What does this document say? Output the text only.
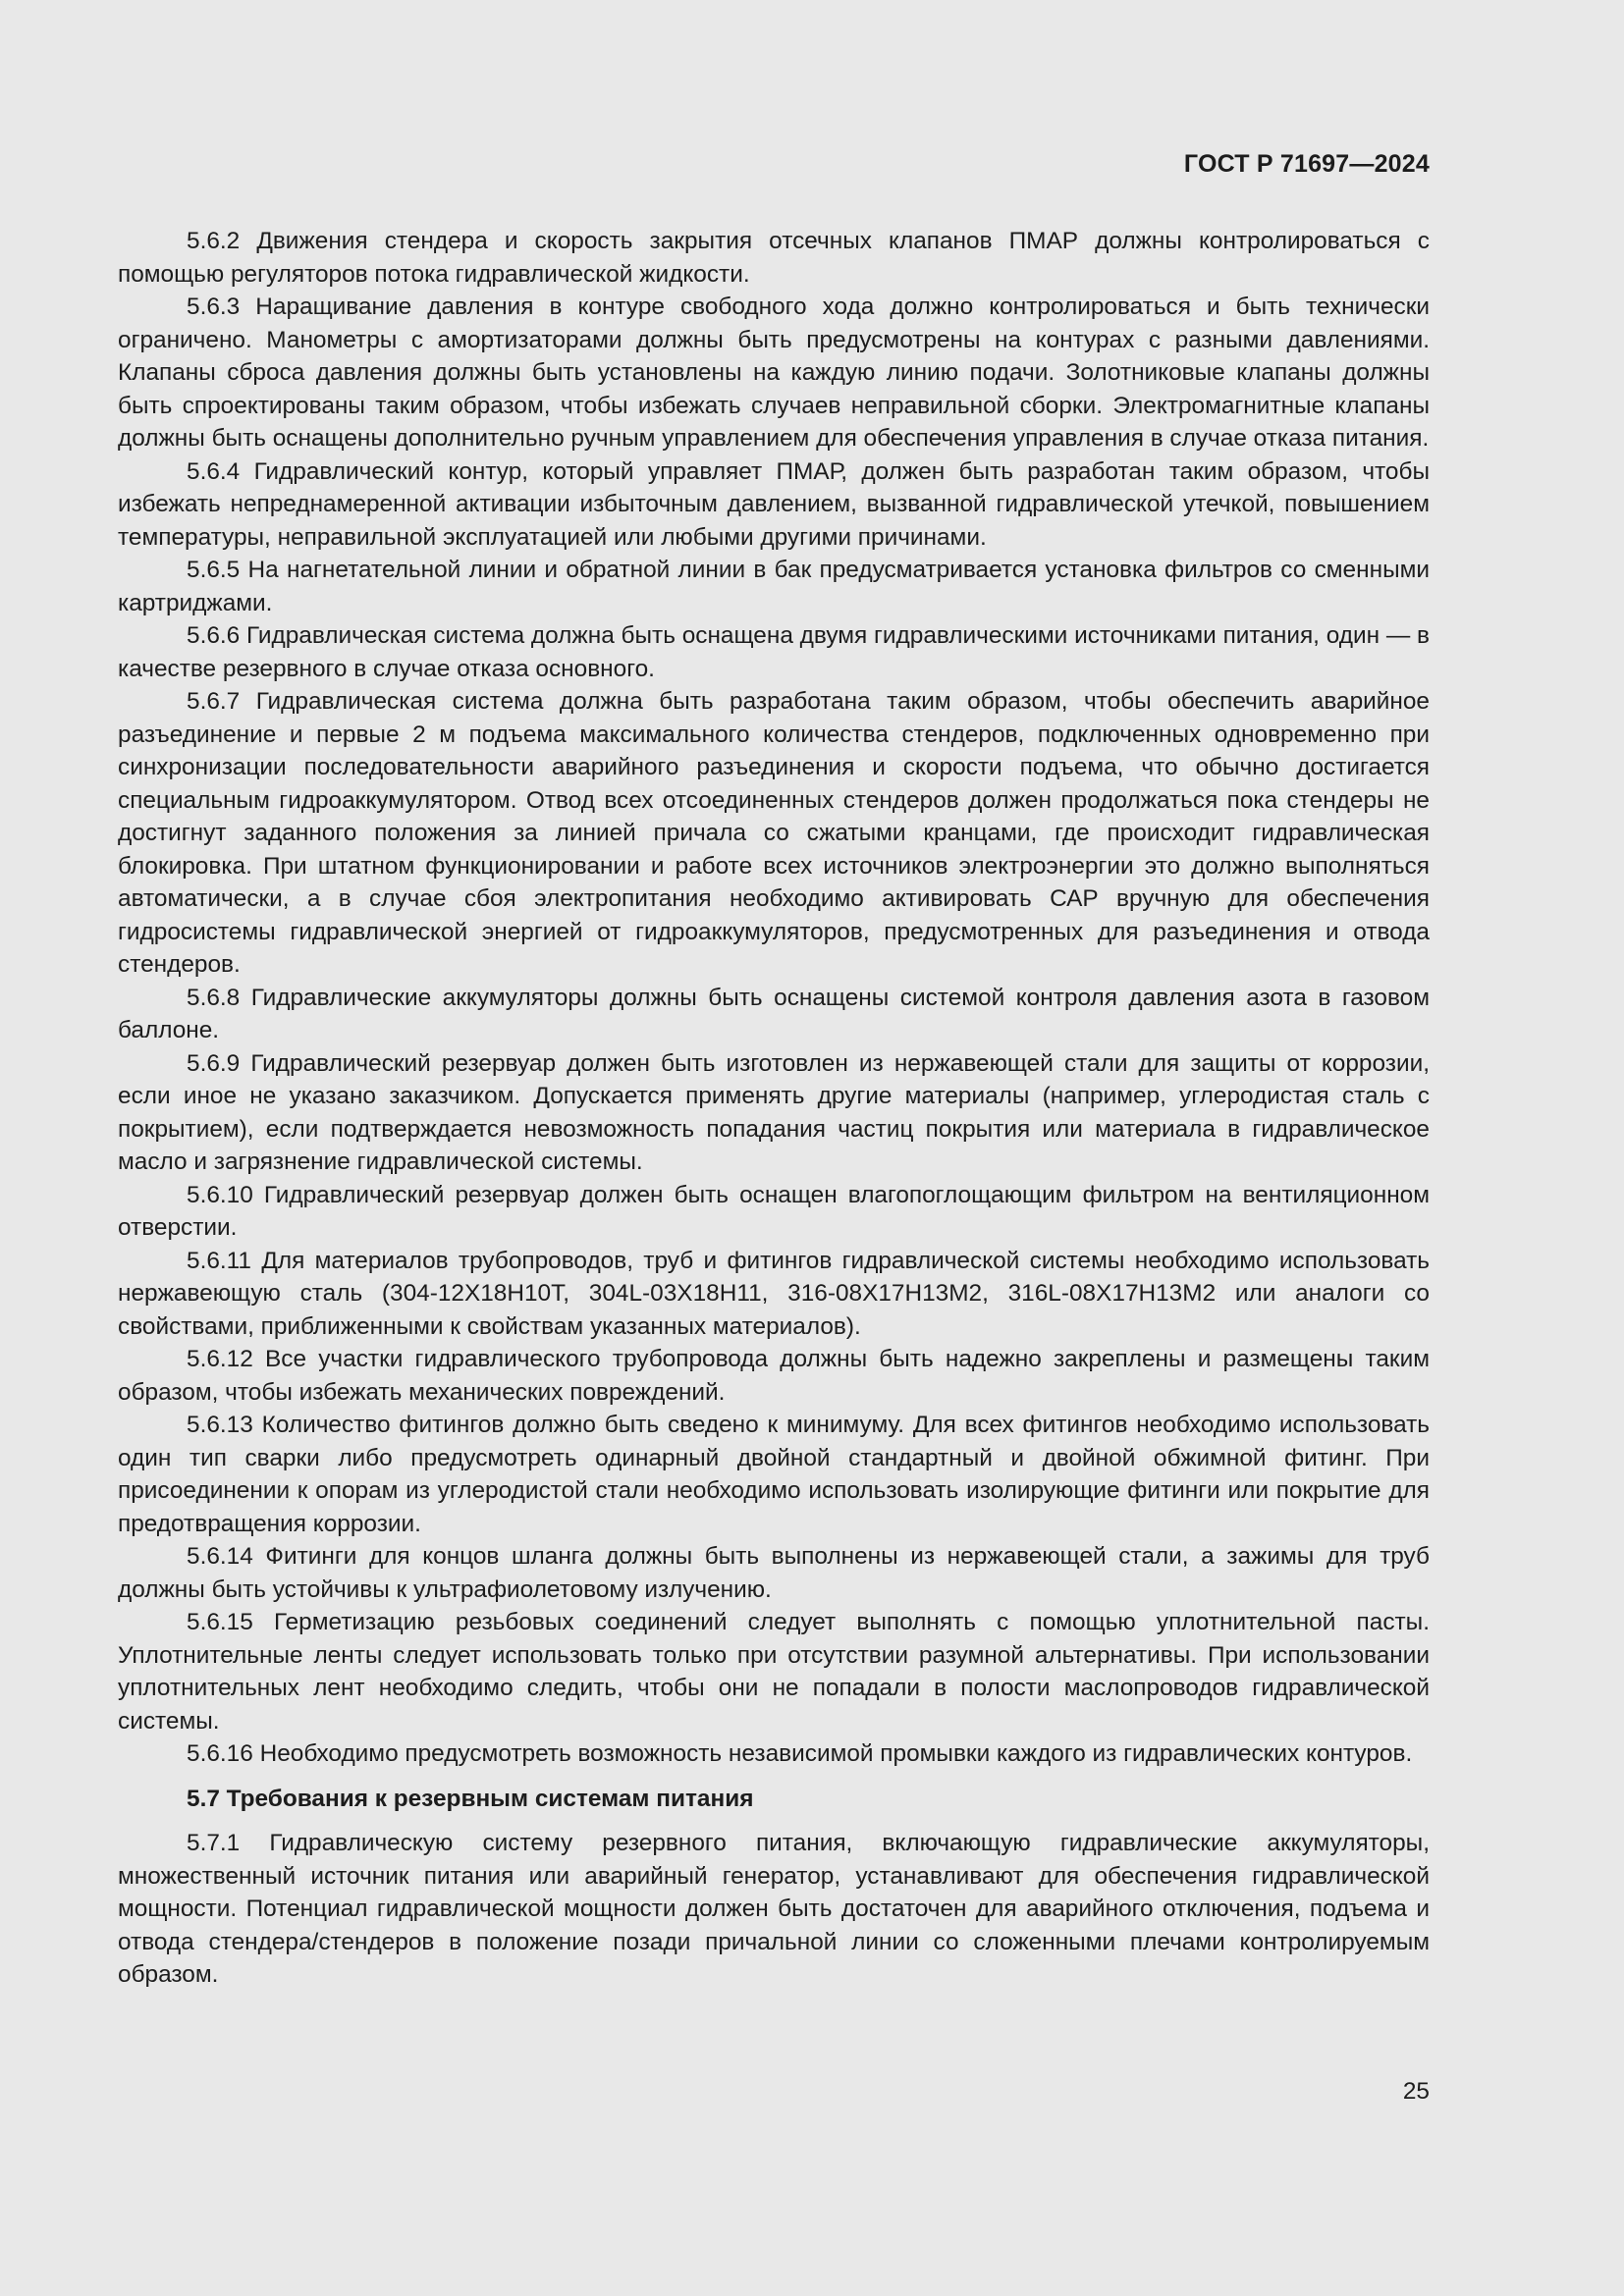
ГОСТ Р 71697—2024

5.6.2 Движения стендера и скорость закрытия отсечных клапанов ПМАР должны контролироваться с помощью регуляторов потока гидравлической жидкости.

5.6.3 Наращивание давления в контуре свободного хода должно контролироваться и быть технически ограничено. Манометры с амортизаторами должны быть предусмотрены на контурах с разными давлениями. Клапаны сброса давления должны быть установлены на каждую линию подачи. Золотниковые клапаны должны быть спроектированы таким образом, чтобы избежать случаев неправильной сборки. Электромагнитные клапаны должны быть оснащены дополнительно ручным управлением для обеспечения управления в случае отказа питания.

5.6.4 Гидравлический контур, который управляет ПМАР, должен быть разработан таким образом, чтобы избежать непреднамеренной активации избыточным давлением, вызванной гидравлической утечкой, повышением температуры, неправильной эксплуатацией или любыми другими причинами.

5.6.5 На нагнетательной линии и обратной линии в бак предусматривается установка фильтров со сменными картриджами.

5.6.6 Гидравлическая система должна быть оснащена двумя гидравлическими источниками питания, один — в качестве резервного в случае отказа основного.

5.6.7 Гидравлическая система должна быть разработана таким образом, чтобы обеспечить аварийное разъединение и первые 2 м подъема максимального количества стендеров, подключенных одновременно при синхронизации последовательности аварийного разъединения и скорости подъема, что обычно достигается специальным гидроаккумулятором. Отвод всех отсоединенных стендеров должен продолжаться пока стендеры не достигнут заданного положения за линией причала со сжатыми кранцами, где происходит гидравлическая блокировка. При штатном функционировании и работе всех источников электроэнергии это должно выполняться автоматически, а в случае сбоя электропитания необходимо активировать САР вручную для обеспечения гидросистемы гидравлической энергией от гидроаккумуляторов, предусмотренных для разъединения и отвода стендеров.

5.6.8 Гидравлические аккумуляторы должны быть оснащены системой контроля давления азота в газовом баллоне.

5.6.9 Гидравлический резервуар должен быть изготовлен из нержавеющей стали для защиты от коррозии, если иное не указано заказчиком. Допускается применять другие материалы (например, углеродистая сталь с покрытием), если подтверждается невозможность попадания частиц покрытия или материала в гидравлическое масло и загрязнение гидравлической системы.

5.6.10 Гидравлический резервуар должен быть оснащен влагопоглощающим фильтром на вентиляционном отверстии.

5.6.11 Для материалов трубопроводов, труб и фитингов гидравлической системы необходимо использовать нержавеющую сталь (304-12Х18Н10Т, 304L-03Х18Н11, 316-08Х17Н13М2, 316L-08Х17Н13М2 или аналоги со свойствами, приближенными к свойствам указанных материалов).

5.6.12 Все участки гидравлического трубопровода должны быть надежно закреплены и размещены таким образом, чтобы избежать механических повреждений.

5.6.13 Количество фитингов должно быть сведено к минимуму. Для всех фитингов необходимо использовать один тип сварки либо предусмотреть одинарный двойной стандартный и двойной обжимной фитинг. При присоединении к опорам из углеродистой стали необходимо использовать изолирующие фитинги или покрытие для предотвращения коррозии.

5.6.14 Фитинги для концов шланга должны быть выполнены из нержавеющей стали, а зажимы для труб должны быть устойчивы к ультрафиолетовому излучению.

5.6.15 Герметизацию резьбовых соединений следует выполнять с помощью уплотнительной пасты. Уплотнительные ленты следует использовать только при отсутствии разумной альтернативы. При использовании уплотнительных лент необходимо следить, чтобы они не попадали в полости маслопроводов гидравлической системы.

5.6.16 Необходимо предусмотреть возможность независимой промывки каждого из гидравлических контуров.

5.7 Требования к резервным системам питания

5.7.1 Гидравлическую систему резервного питания, включающую гидравлические аккумуляторы, множественный источник питания или аварийный генератор, устанавливают для обеспечения гидравлической мощности. Потенциал гидравлической мощности должен быть достаточен для аварийного отключения, подъема и отвода стендера/стендеров в положение позади причальной линии со сложенными плечами контролируемым образом.

25
